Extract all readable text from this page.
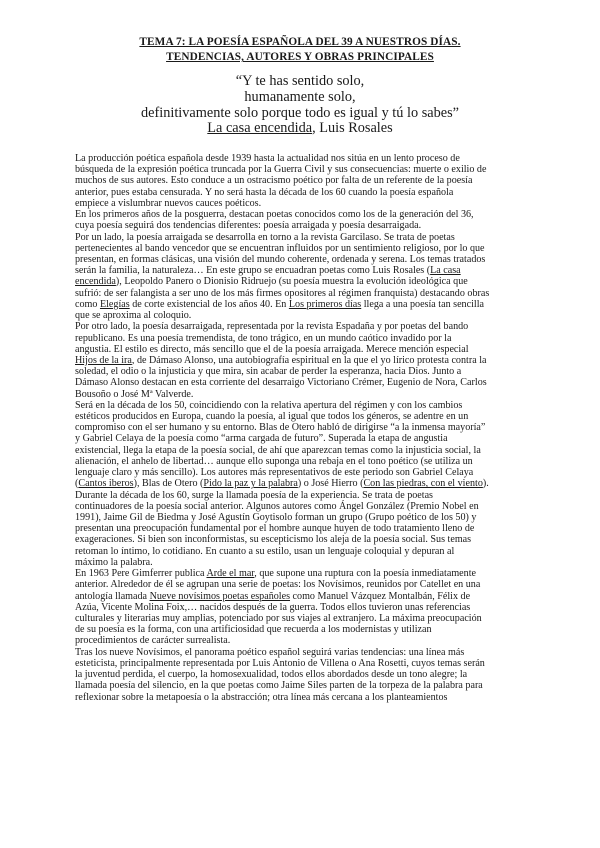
TEMA 7: LA POESÍA ESPAÑOLA DEL 39 A NUESTROS DÍAS.
TENDENCIAS, AUTORES Y OBRAS PRINCIPALES
“Y te has sentido solo,
humanamente solo,
definitivamente solo porque todo es igual y tú lo sabes”
La casa encendida, Luis Rosales
La producción poética española desde 1939 hasta la actualidad nos sitúa en un lento proceso de
búsqueda de la expresión poética truncada por la Guerra Civil y sus consecuencias: muerte o exilio de
muchos de sus autores. Esto conduce a un ostracismo poético por falta de un referente de la poesía
anterior, pues estaba censurada. Y no será hasta la década de los 60 cuando la poesía española
empiece a vislumbrar nuevos cauces poéticos.
En los primeros años de la posguerra, destacan poetas conocidos como los de la generación del 36,
cuya poesía seguirá dos tendencias diferentes: poesía arraigada y poesía desarraigada.
Por un lado, la poesía arraigada se desarrolla en torno a la revista Garcilaso. Se trata de poetas
pertenecientes al bando vencedor que se encuentran influidos por un sentimiento religioso, por lo que
presentan, en formas clásicas, una visión del mundo coherente, ordenada y serena. Los temas tratados
serán la familia, la naturaleza… En este grupo se encuadran poetas como Luis Rosales (La casa
encendida), Leopoldo Panero o Dionisio Ridruejo (su poesía muestra la evolución ideológica que
sufrió: de ser falangista a ser uno de los más firmes opositores al régimen franquista) destacando obras
como Elegías de corte existencial de los años 40. En Los primeros días llega a una poesía tan sencilla
que se aproxima al coloquio.
Por otro lado, la poesía desarraigada, representada por la revista Espadaña y por poetas del bando
republicano. Es una poesía tremendista, de tono trágico, en un mundo caótico invadido por la
angustia. El estilo es directo, más sencillo que el de la poesía arraigada. Merece mención especial
Hijos de la ira, de Dámaso Alonso, una autobiografía espiritual en la que el yo lírico protesta contra la
soledad, el odio o la injusticia y que mira, sin acabar de perder la esperanza, hacia Dios. Junto a
Dámaso Alonso destacan en esta corriente del desarraigo Victoriano Crémer, Eugenio de Nora, Carlos
Bousoño o José Mª Valverde.
Será en la década de los 50, coincidiendo con la relativa apertura del régimen y con los cambios
estéticos producidos en Europa, cuando la poesía, al igual que todos los géneros, se adentre en un
compromiso con el ser humano y su entorno. Blas de Otero habló de dirigirse “a la inmensa mayoría”
y Gabriel Celaya de la poesía como “arma cargada de futuro”. Superada la etapa de angustia
existencial, llega la etapa de la poesía social, de ahí que aparezcan temas como la injusticia social, la
alienación, el anhelo de libertad… aunque ello suponga una rebaja en el tono poético (se utiliza un
lenguaje claro y más sencillo). Los autores más representativos de este periodo son Gabriel Celaya
(Cantos iberos), Blas de Otero (Pido la paz y la palabra) o José Hierro (Con las piedras, con el viento).
Durante la década de los 60, surge la llamada poesía de la experiencia. Se trata de poetas
continuadores de la poesía social anterior. Algunos autores como Ángel González (Premio Nobel en
1991), Jaime Gil de Biedma y José Agustín Goytisolo forman un grupo (Grupo poético de los 50) y
presentan una preocupación fundamental por el hombre aunque huyen de todo tratamiento lleno de
exageraciones. Si bien son inconformistas, su escepticismo los aleja de la poesía social. Sus temas
retoman lo íntimo, lo cotidiano. En cuanto a su estilo, usan un lenguaje coloquial y depuran al
máximo la palabra.
En 1963 Pere Gimferrer publica Arde el mar, que supone una ruptura con la poesía inmediatamente
anterior. Alrededor de él se agrupan una serie de poetas: los Novísimos, reunidos por Catellet en una
antología llamada Nueve novísimos poetas españoles como Manuel Vázquez Montalbán, Félix de
Azúa, Vicente Molina Foix,… nacidos después de la guerra. Todos ellos tuvieron unas referencias
culturales y literarias muy amplias, potenciado por sus viajes al extranjero. La máxima preocupación
de su poesía es la forma, con una artificiosidad que recuerda a los modernistas y utilizan
procedimientos de carácter surrealista.
Tras los nueve Novísimos, el panorama poético español seguirá varias tendencias: una línea más
esteticista, principalmente representada por Luis Antonio de Villena o Ana Rosetti, cuyos temas serán
la juventud perdida, el cuerpo, la homosexualidad, todos ellos abordados desde un tono alegre; la
llamada poesía del silencio, en la que poetas como Jaime Siles parten de la torpeza de la palabra para
reflexionar sobre la metapoesía o la abstracción; otra línea más cercana a los planteamientos
